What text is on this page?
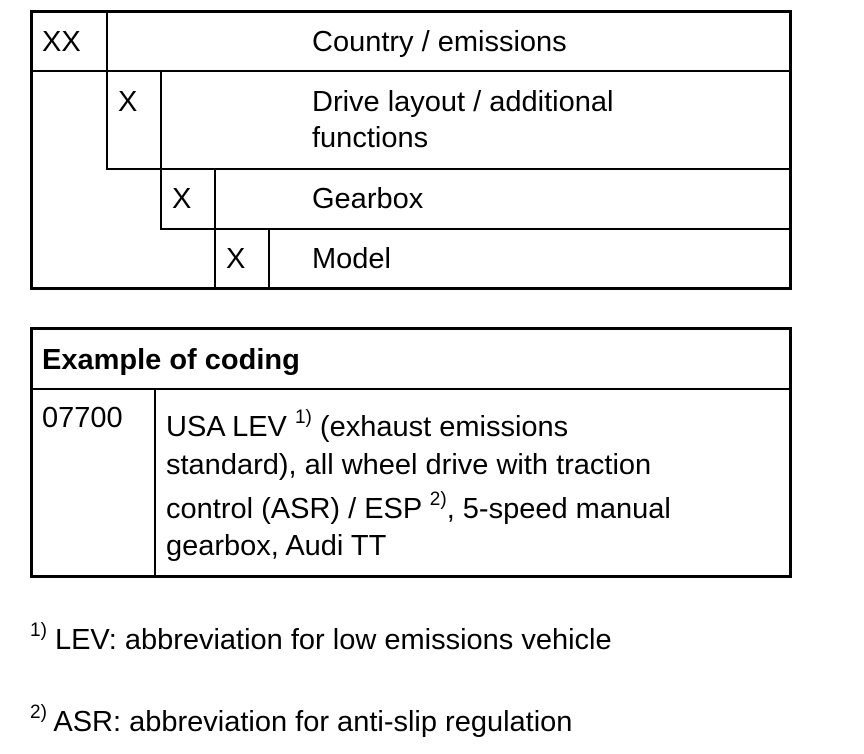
XX	Country / emissions
X	Drive layout / additional
functions
X	Gearbox
X Model
Example of coding
07700 USA LEV $^{1)}$ (exhaust emissions
standard), all wheel drive with traction
control (ASR) / ESP $^{2)}$, 5-speed manual
gearbox, Audi TT
$^{1)}$ LEV: abbreviation for low emissions vehicle
$^{2)}$ ASR: abbreviation for anti-slip regulation
